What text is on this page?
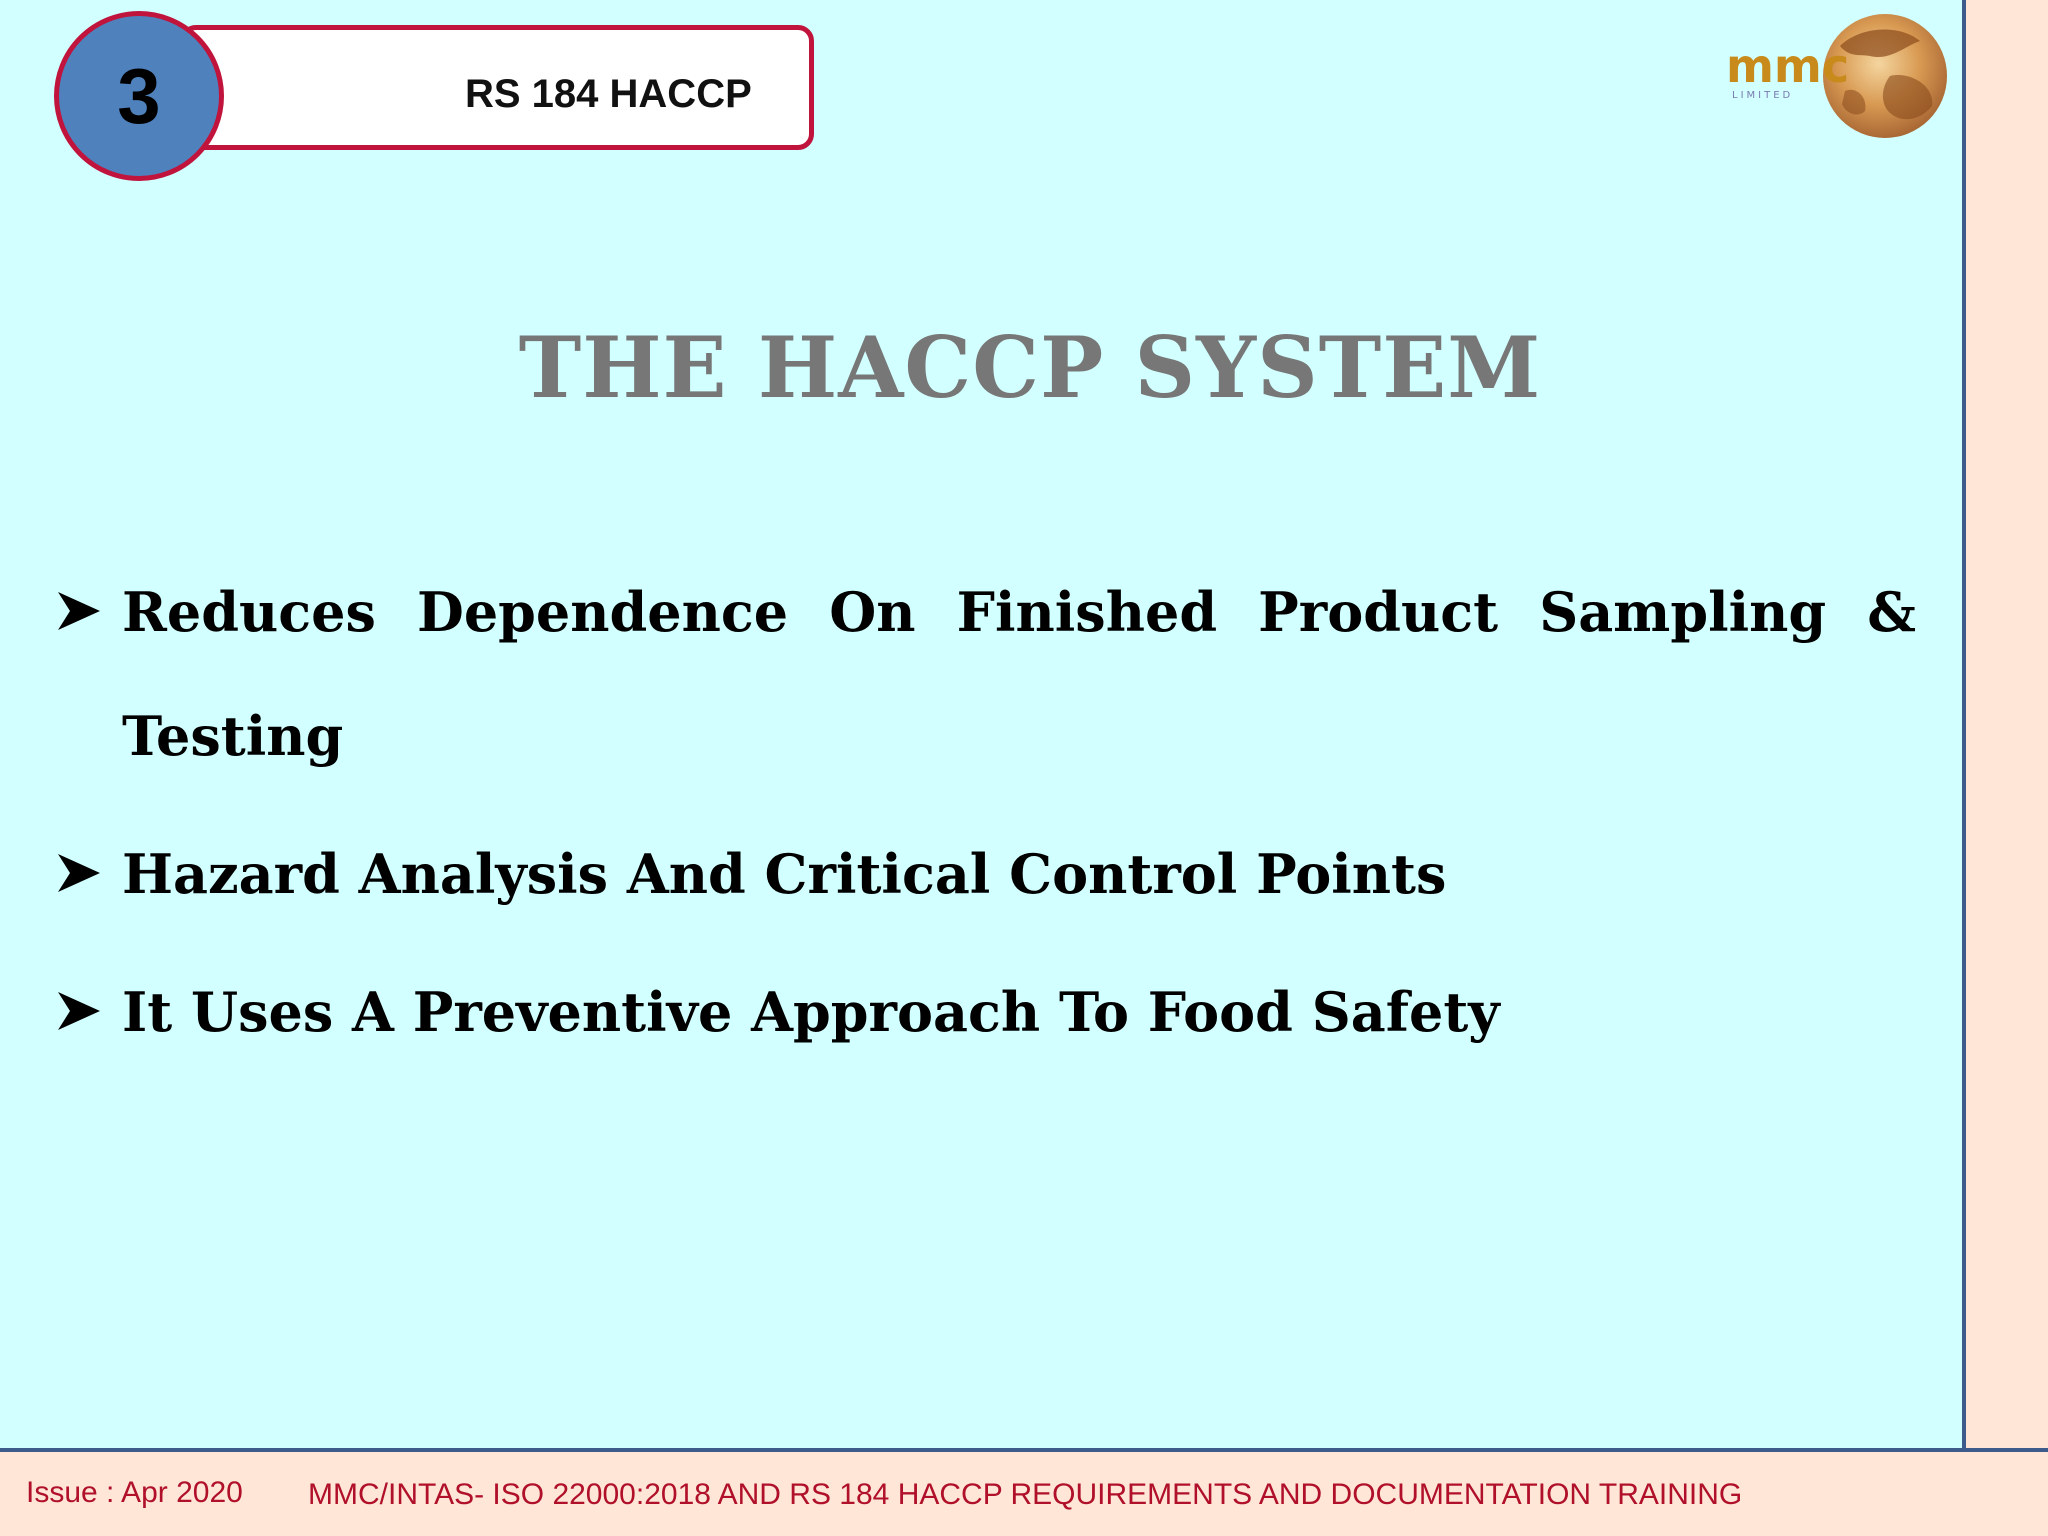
RS 184 HACCP
3	mmc
LIMITED
THE HACCP SYSTEM
Reduces Dependence On Finished Product Sampling & Testing
Hazard Analysis And Critical Control Points
It Uses A Preventive Approach To Food Safety
Issue : Apr 2020 MMC/INTAS- ISO 22000:2018 AND RS 184 HACCP REQUIREMENTS AND DOCUMENTATION TRAINING
